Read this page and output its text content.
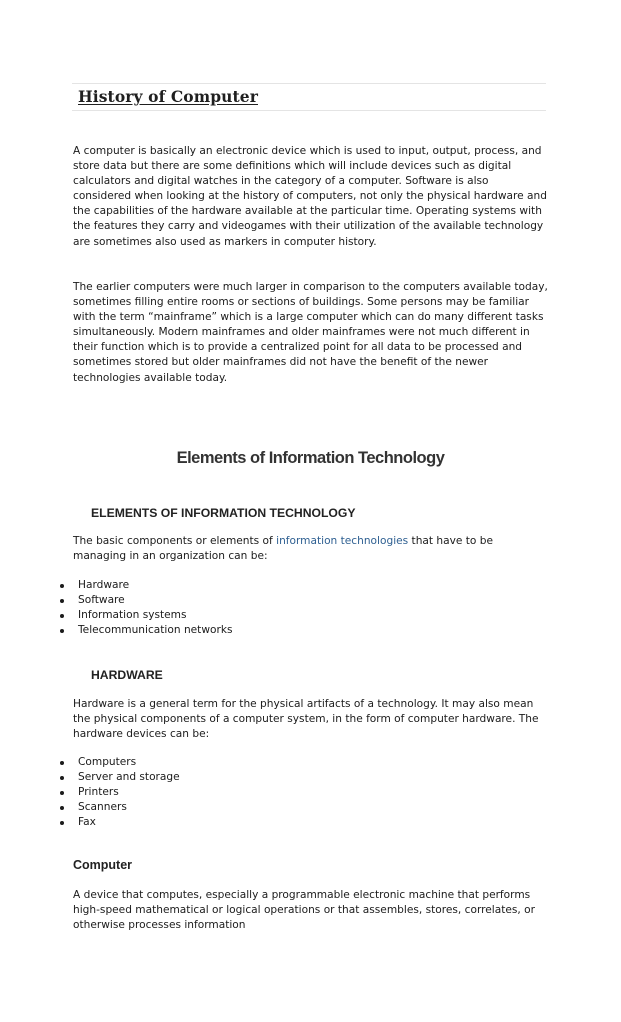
History of Computer

A computer is basically an electronic device which is used to input, output, process, and store data but there are some definitions which will include devices such as digital calculators and digital watches in the category of a computer. Software is also considered when looking at the history of computers, not only the physical hardware and the capabilities of the hardware available at the particular time. Operating systems with the features they carry and videogames with their utilization of the available technology are sometimes also used as markers in computer history.

The earlier computers were much larger in comparison to the computers available today, sometimes filling entire rooms or sections of buildings. Some persons may be familiar with the term “mainframe” which is a large computer which can do many different tasks simultaneously. Modern mainframes and older mainframes were not much different in their function which is to provide a centralized point for all data to be processed and sometimes stored but older mainframes did not have the benefit of the newer technologies available today.

Elements of Information Technology
ELEMENTS OF INFORMATION TECHNOLOGY

The basic components or elements of information technologies that have to be managing in an organization can be:

Hardware
Software
Information systems
Telecommunication networks
HARDWARE

Hardware is a general term for the physical artifacts of a technology. It may also mean the physical components of a computer system, in the form of computer hardware. The hardware devices can be:

Computers
Server and storage
Printers
Scanners
Fax
Computer

A device that computes, especially a programmable electronic machine that performs high-speed mathematical or logical operations or that assembles, stores, correlates, or otherwise processes information
